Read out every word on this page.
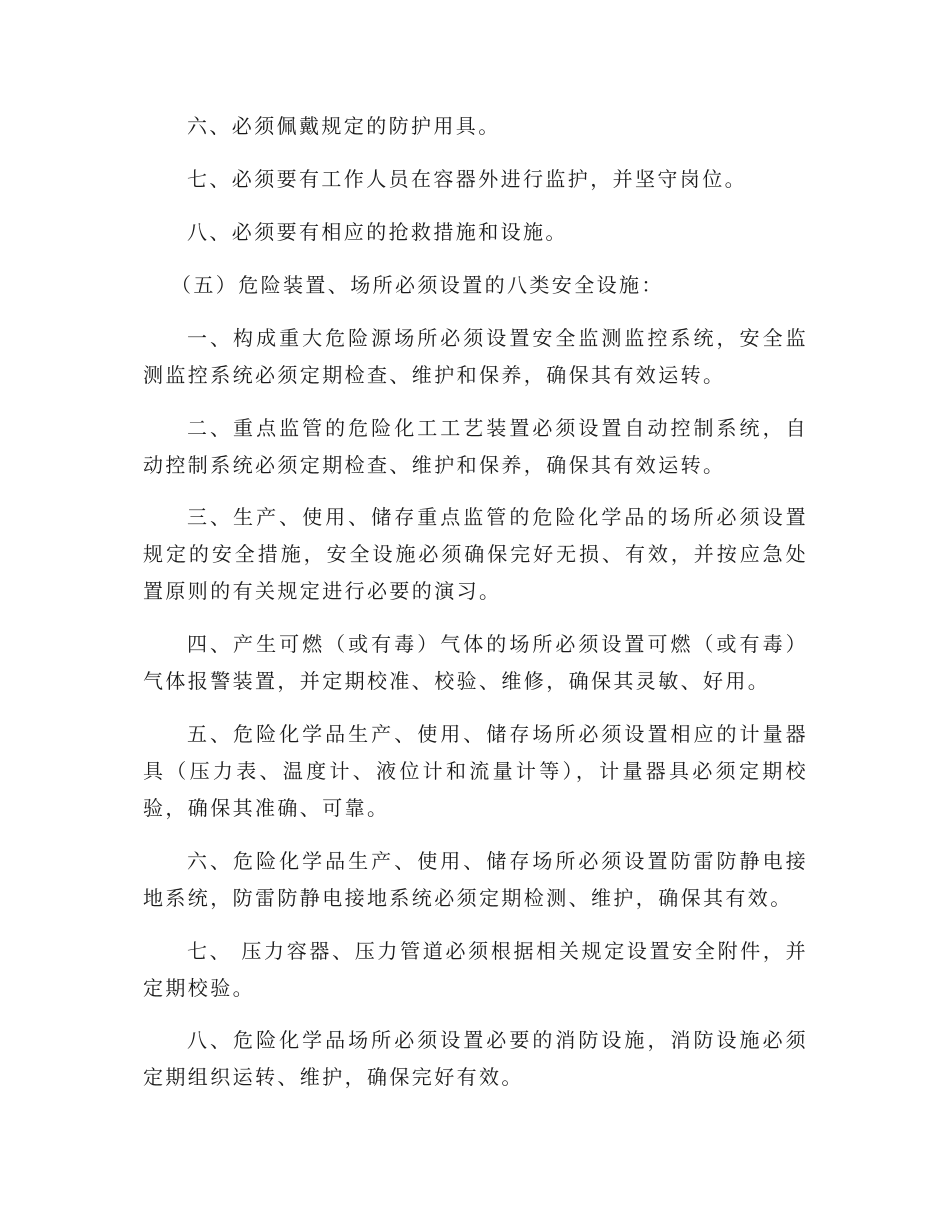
六、必须佩戴规定的防护用具。

七、必须要有工作人员在容器外进行监护，并坚守岗位。

八、必须要有相应的抢救措施和设施。

（五）危险装置、场所必须设置的八类安全设施：

一、构成重大危险源场所必须设置安全监测监控系统，安全监测监控系统必须定期检查、维护和保养，确保其有效运转。

二、重点监管的危险化工工艺装置必须设置自动控制系统，自动控制系统必须定期检查、维护和保养，确保其有效运转。

三、生产、使用、储存重点监管的危险化学品的场所必须设置规定的安全措施，安全设施必须确保完好无损、有效，并按应急处置原则的有关规定进行必要的演习。

四、产生可燃（或有毒）气体的场所必须设置可燃（或有毒）气体报警装置，并定期校准、校验、维修，确保其灵敏、好用。

五、危险化学品生产、使用、储存场所必须设置相应的计量器具（压力表、温度计、液位计和流量计等），计量器具必须定期校验，确保其准确、可靠。

六、危险化学品生产、使用、储存场所必须设置防雷防静电接地系统，防雷防静电接地系统必须定期检测、维护，确保其有效。

七、 压力容器、压力管道必须根据相关规定设置安全附件，并定期校验。

八、危险化学品场所必须设置必要的消防设施，消防设施必须定期组织运转、维护，确保完好有效。
